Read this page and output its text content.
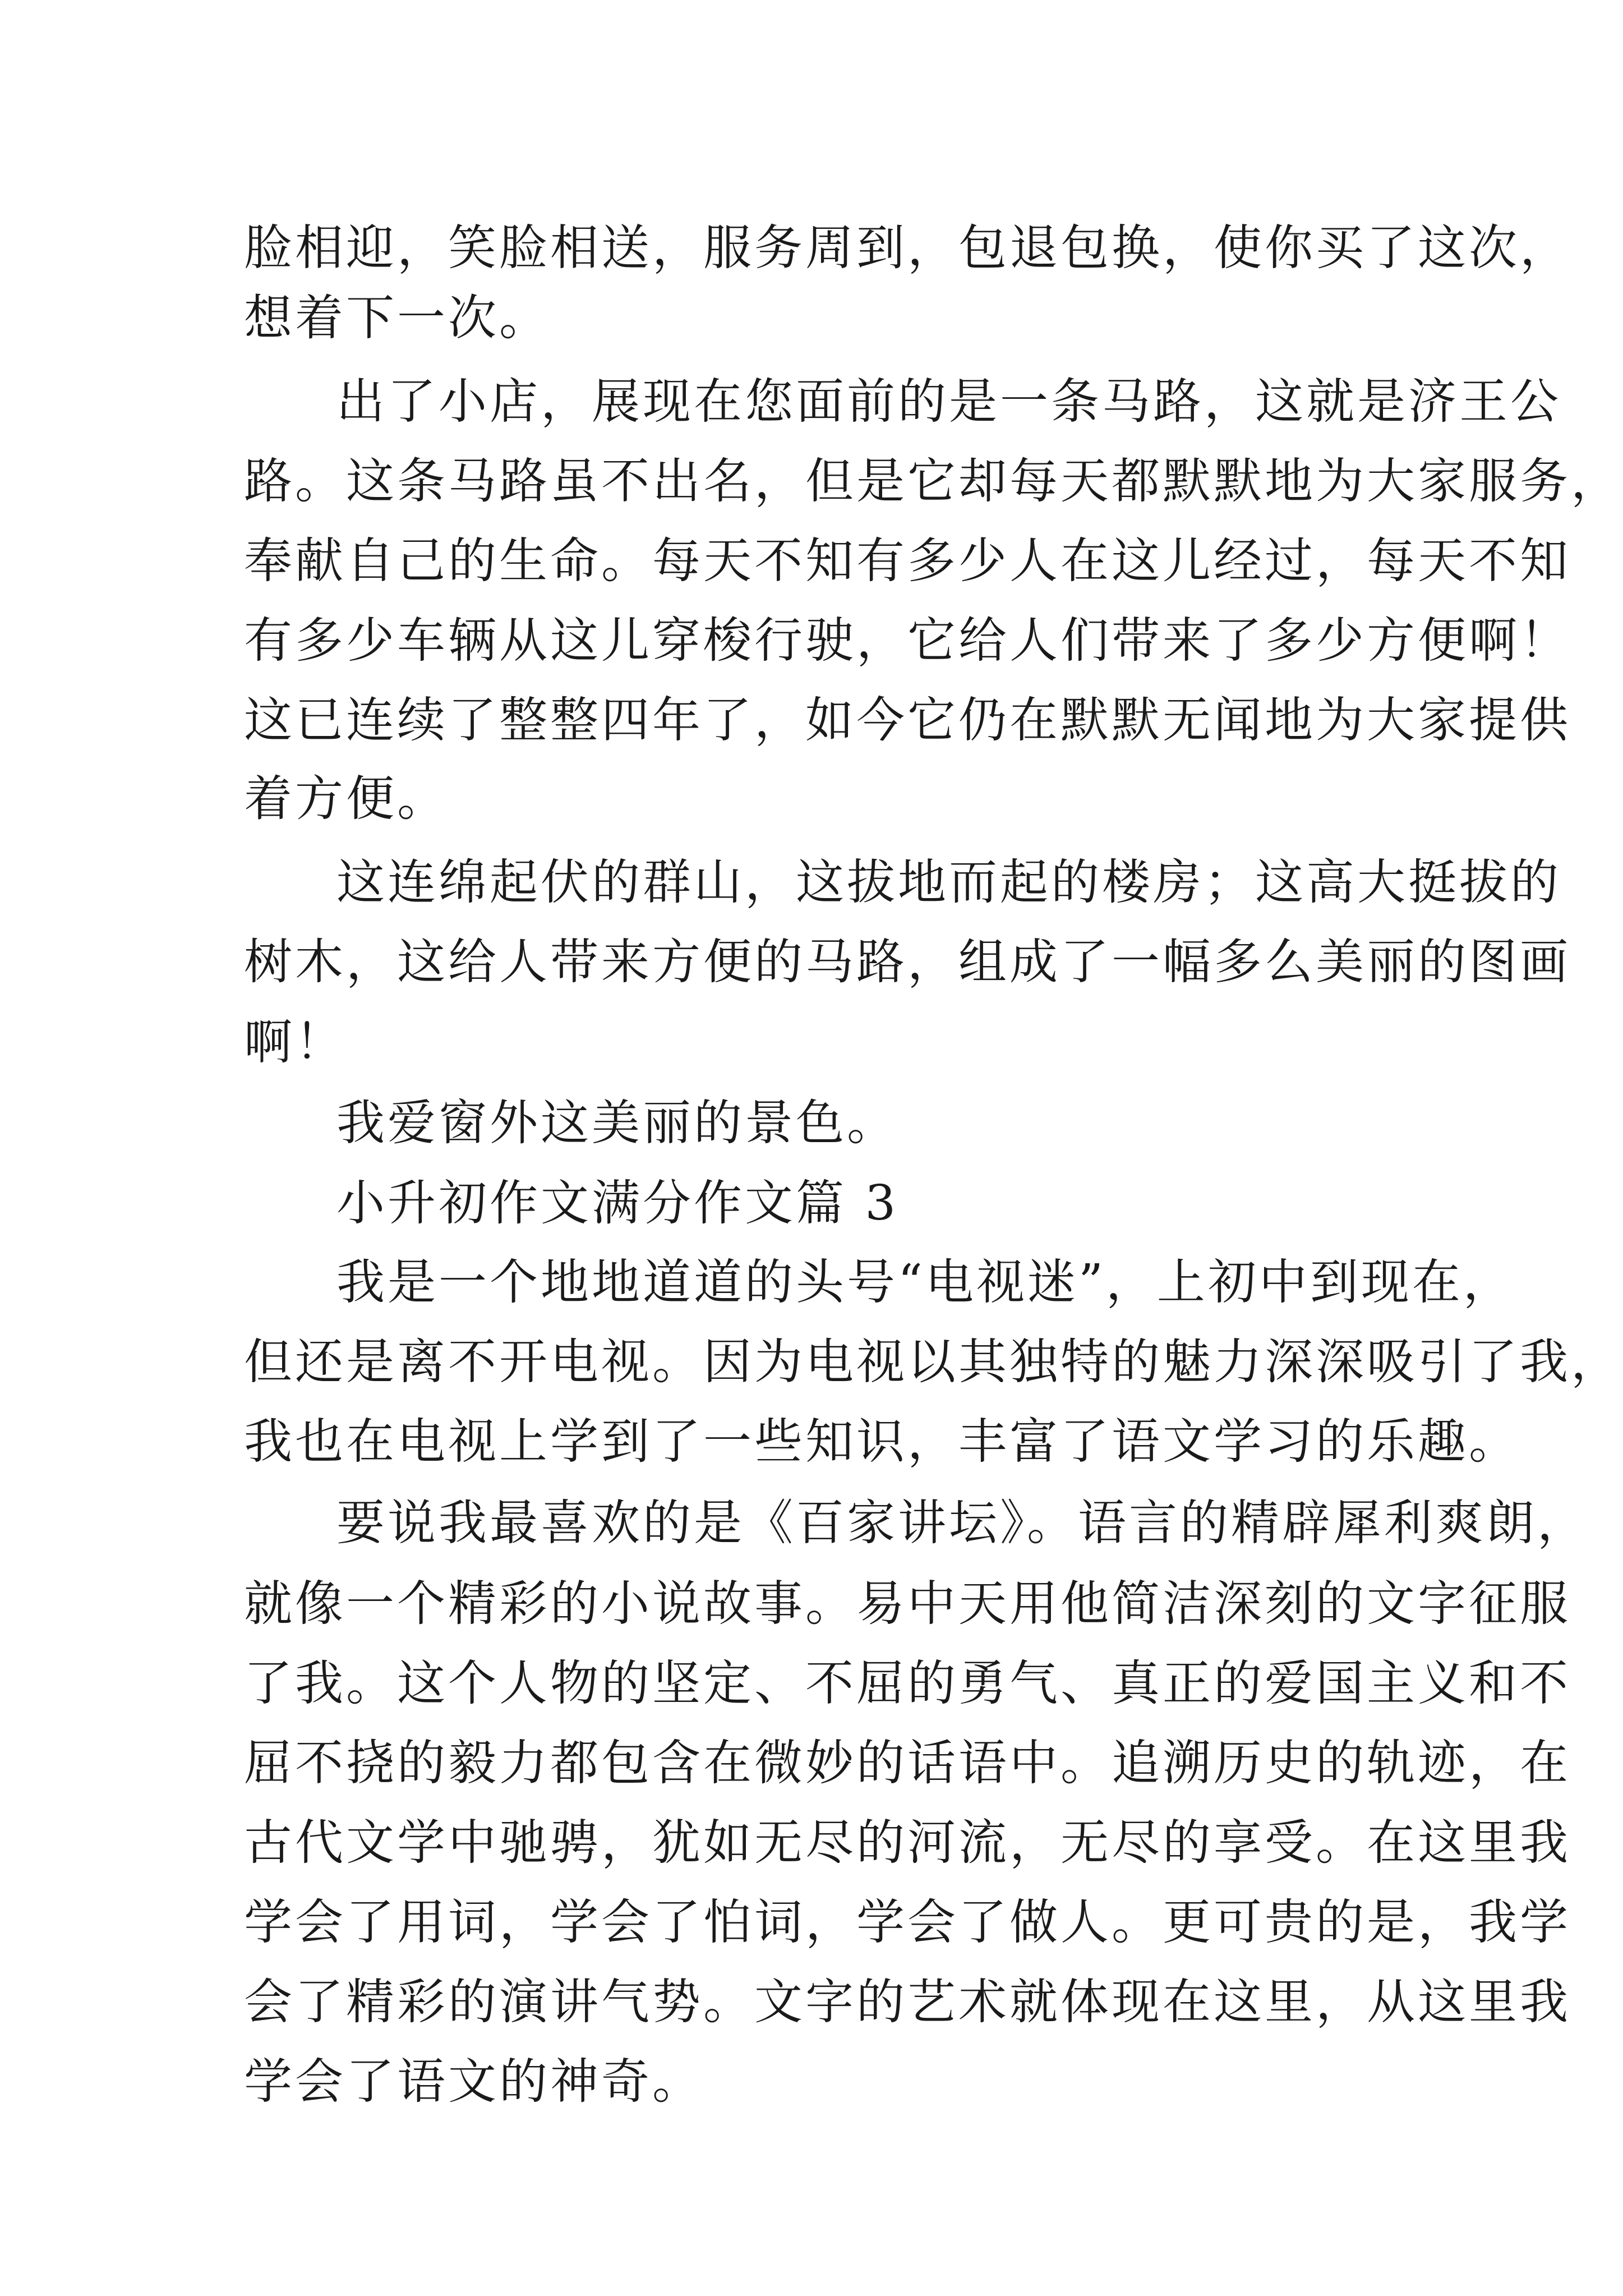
脸相迎，笑脸相送，服务周到，包退包换，使你买了这次，
想着下一次。
出了小店，展现在您面前的是一条马路，这就是济王公
路。这条马路虽不出名，但是它却每天都默默地为大家服务，
奉献自己的生命。每天不知有多少人在这儿经过，每天不知
有多少车辆从这儿穿梭行驶，它给人们带来了多少方便啊！
这已连续了整整四年了，如今它仍在默默无闻地为大家提供
着方便。
这连绵起伏的群山，这拔地而起的楼房；这高大挺拔的
树木，这给人带来方便的马路，组成了一幅多么美丽的图画
啊！
我爱窗外这美丽的景色。
小升初作文满分作文篇 3
我是一个地地道道的头号“电视迷”，上初中到现在，
但还是离不开电视。因为电视以其独特的魅力深深吸引了我，
我也在电视上学到了一些知识，丰富了语文学习的乐趣。
要说我最喜欢的是《百家讲坛》。语言的精辟犀利爽朗，
就像一个精彩的小说故事。易中天用他简洁深刻的文字征服
了我。这个人物的坚定、不屈的勇气、真正的爱国主义和不
屈不挠的毅力都包含在微妙的话语中。追溯历史的轨迹，在
古代文学中驰骋，犹如无尽的河流，无尽的享受。在这里我
学会了用词，学会了怕词，学会了做人。更可贵的是，我学
会了精彩的演讲气势。文字的艺术就体现在这里，从这里我
学会了语文的神奇。
